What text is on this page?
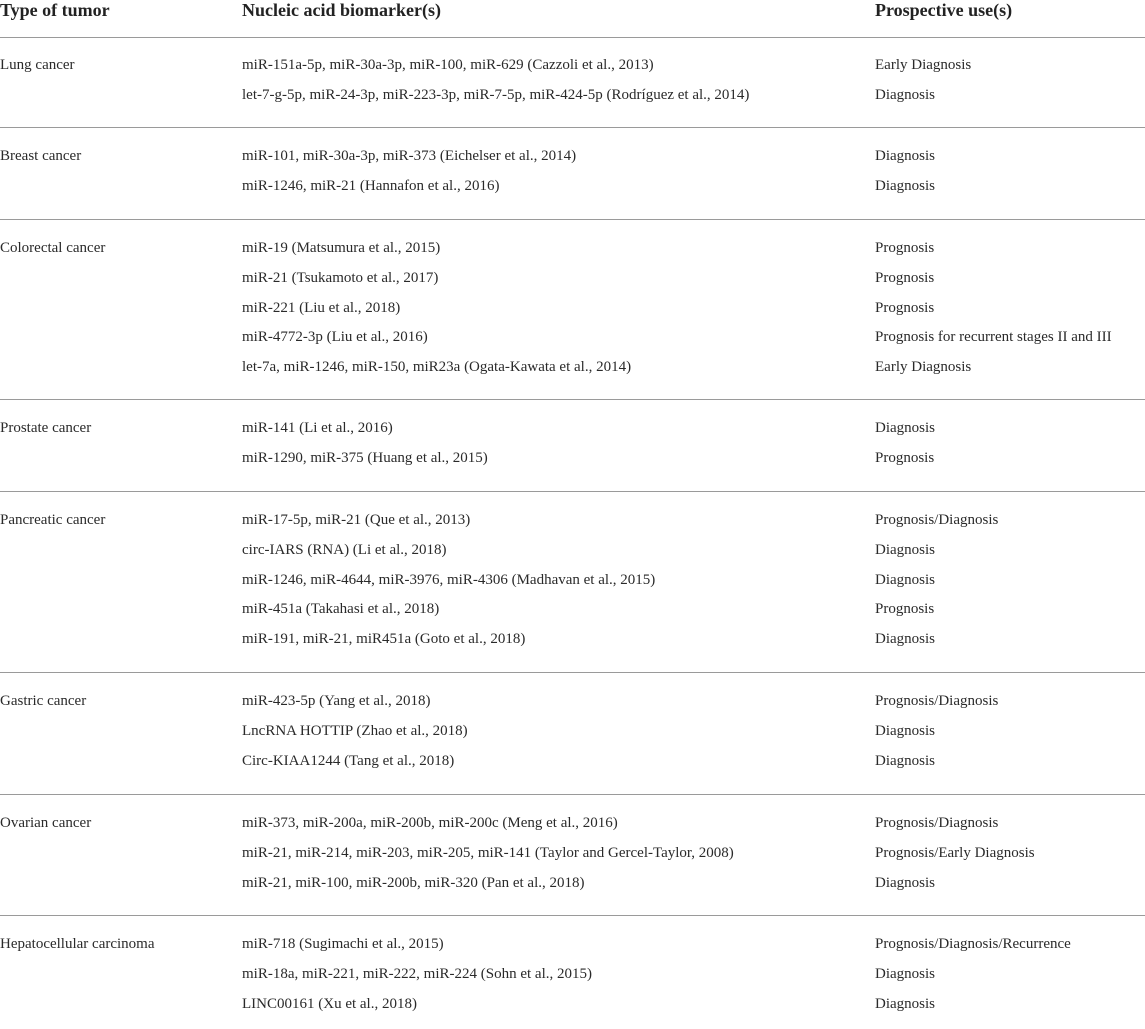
Type of tumor	Nucleic acid biomarker(s)	Prospective use(s)
Lung cancer	miR-151a-5p, miR-30a-3p, miR-100, miR-629 (Cazzoli et al., 2013)	Early Diagnosis
let-7-g-5p, miR-24-3p, miR-223-3p, miR-7-5p, miR-424-5p (Rodríguez et al., 2014)	Diagnosis
Breast cancer	miR-101, miR-30a-3p, miR-373 (Eichelser et al., 2014)	Diagnosis
miR-1246, miR-21 (Hannafon et al., 2016)	Diagnosis
Colorectal cancer	miR-19 (Matsumura et al., 2015)	Prognosis
miR-21 (Tsukamoto et al., 2017)	Prognosis
miR-221 (Liu et al., 2018)	Prognosis
miR-4772-3p (Liu et al., 2016)	Prognosis for recurrent stages II and III
let-7a, miR-1246, miR-150, miR23a (Ogata-Kawata et al., 2014)	Early Diagnosis
Prostate cancer	miR-141 (Li et al., 2016)	Diagnosis
miR-1290, miR-375 (Huang et al., 2015)	Prognosis
Pancreatic cancer	miR-17-5p, miR-21 (Que et al., 2013)	Prognosis/Diagnosis
circ-IARS (RNA) (Li et al., 2018)	Diagnosis
miR-1246, miR-4644, miR-3976, miR-4306 (Madhavan et al., 2015)	Diagnosis
miR-451a (Takahasi et al., 2018)	Prognosis
miR-191, miR-21, miR451a (Goto et al., 2018)	Diagnosis
Gastric cancer	miR-423-5p (Yang et al., 2018)	Prognosis/Diagnosis
LncRNA HOTTIP (Zhao et al., 2018)	Diagnosis
Circ-KIAA1244 (Tang et al., 2018)	Diagnosis
Ovarian cancer	miR-373, miR-200a, miR-200b, miR-200c (Meng et al., 2016)	Prognosis/Diagnosis
miR-21, miR-214, miR-203, miR-205, miR-141 (Taylor and Gercel-Taylor, 2008)	Prognosis/Early Diagnosis
miR-21, miR-100, miR-200b, miR-320 (Pan et al., 2018)	Diagnosis
Hepatocellular carcinoma	miR-718 (Sugimachi et al., 2015)	Prognosis/Diagnosis/Recurrence
miR-18a, miR-221, miR-222, miR-224 (Sohn et al., 2015)	Diagnosis
LINC00161 (Xu et al., 2018)	Diagnosis
